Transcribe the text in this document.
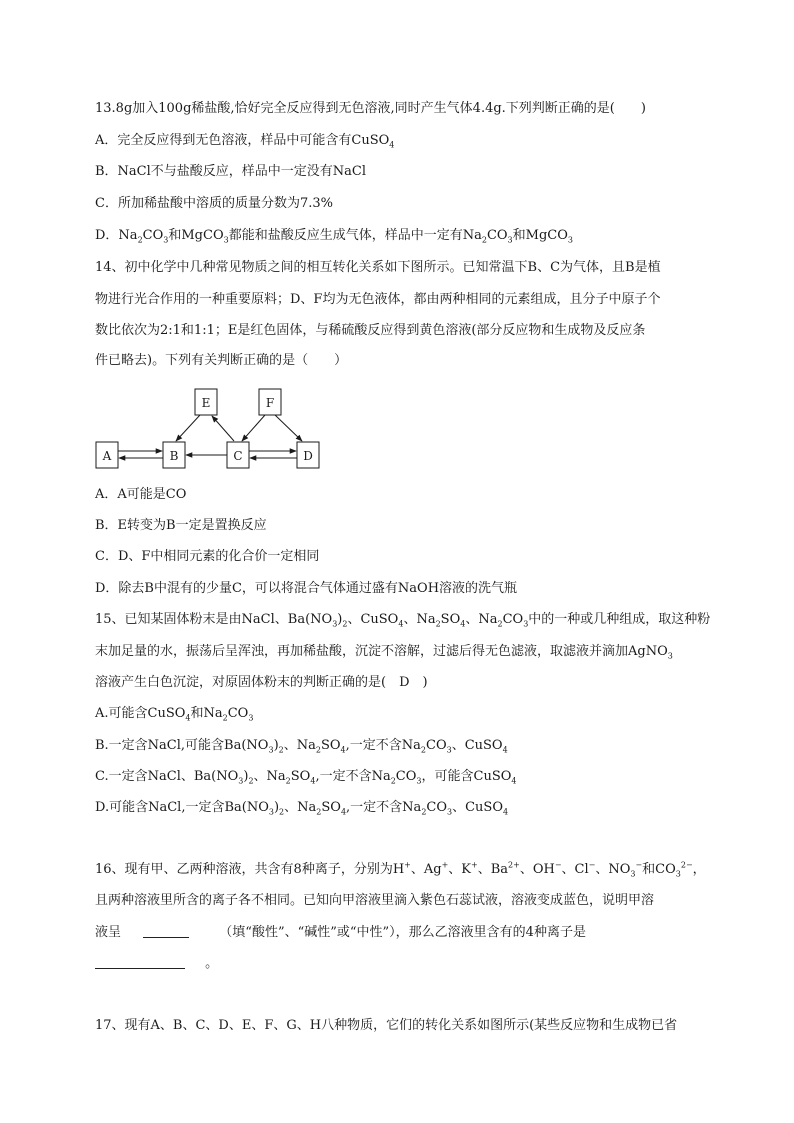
13.8g加入100g稀盐酸,恰好完全反应得到无色溶液,同时产生气体4.4g.下列判断正确的是(　　)
A．完全反应得到无色溶液，样品中可能含有CuSO$_4$
B．NaCl不与盐酸反应，样品中一定没有NaCl
C．所加稀盐酸中溶质的质量分数为7.3%
D．$Na_2CO_3$和MgCO$_3$都能和盐酸反应生成气体，样品中一定有$Na_2CO_3$和MgCO$_3$
14、初中化学中几种常见物质之间的相互转化关系如下图所示。已知常温下B、C为气体，且B是植
物进行光合作用的一种重要原料；D、F均为无色液体，都由两种相同的元素组成，且分子中原子个
数比依次为2:1和1:1；E是红色固体，与稀硫酸反应得到黄色溶液(部分反应物和生成物及反应条
件已略去)。下列有关判断正确的是（　　）
A	B	C	D
E	F
A．A可能是CO
B．E转变为B一定是置换反应
C．D、F中相同元素的化合价一定相同
D．除去B中混有的少量C，可以将混合气体通过盛有NaOH溶液的洗气瓶
15、已知某固体粉末是由NaCl、$Ba(NO_3)_2$、CuSO$_4$、$Na_2SO_4$、$Na_2CO_3$中的一种或几种组成，取这种粉
末加足量的水，振荡后呈浑浊，再加稀盐酸，沉淀不溶解，过滤后得无色滤液，取滤液并滴加AgNO$_3$
溶液产生白色沉淀，对原固体粉末的判断正确的是(　D　)
A.可能含CuSO$_4$和$Na_2CO_3$
B.一定含NaCl,可能含$Ba(NO_3)_2$、$Na_2SO_4$,一定不含$Na_2CO_3$、CuSO$_4$
C.一定含NaCl、$Ba(NO_3)_2$、$Na_2SO_4$,一定不含$Na_2CO_3$，可能含CuSO$_4$
D.可能含NaCl,一定含$Ba(NO_3)_2$、$Na_2SO_4$,一定不含$Na_2CO_3$、CuSO$_4$
16、现有甲、乙两种溶液，共含有8种离子，分别为H+、Ag+、K+、$Ba^{2+}$、OH−、Cl−、$NO_3^-$和$CO_3^{2-}$，
且两种溶液里所含的离子各不相同。已知向甲溶液里滴入紫色石蕊试液，溶液变成蓝色，说明甲溶
液呈	（填“酸性”、“碱性”或“中性”），那么乙溶液里含有的4种离子是
。
17、现有A、B、C、D、E、F、G、H八种物质，它们的转化关系如图所示(某些反应物和生成物已省
